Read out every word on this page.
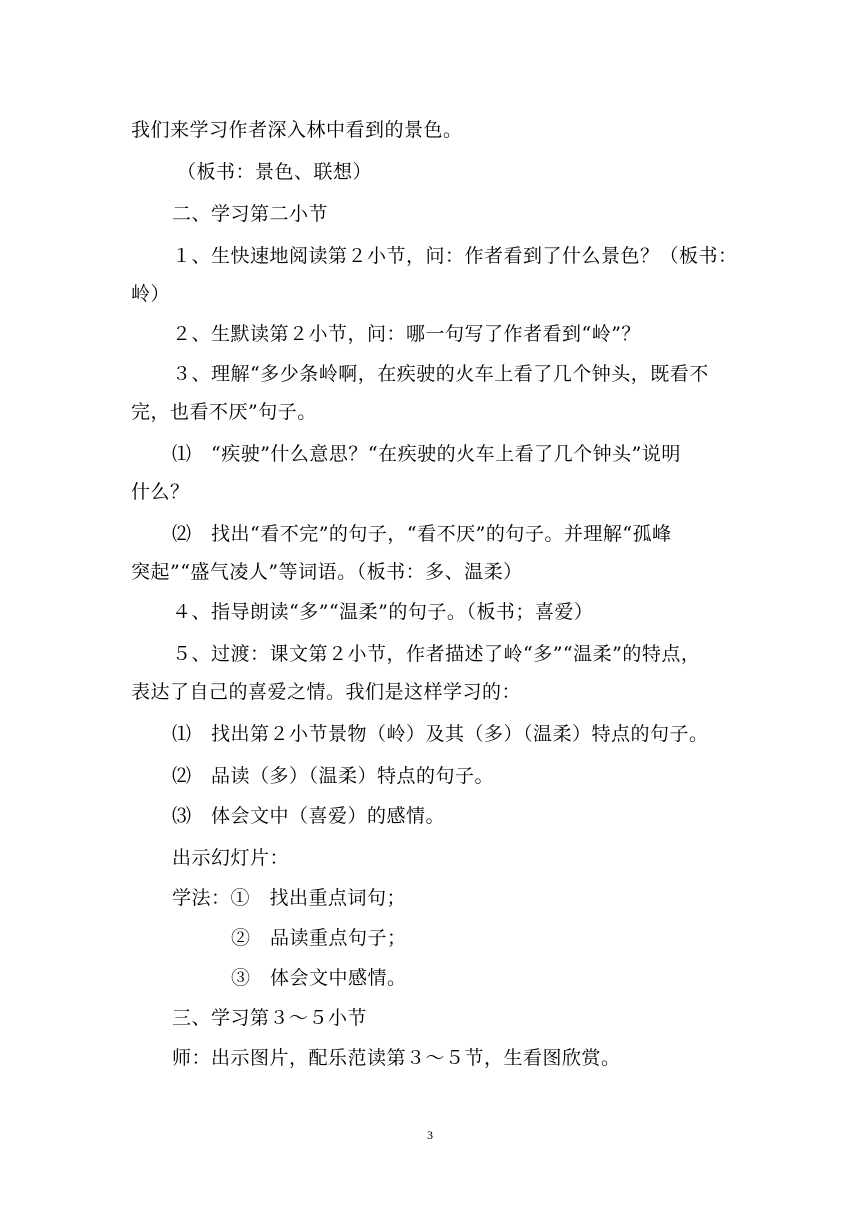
我们来学习作者深入林中看到的景色。
（板书：景色、联想）
二、学习第二小节
１、生快速地阅读第２小节，问：作者看到了什么景色？（板书：
岭）
２、生默读第２小节，问：哪一句写了作者看到“岭”？
３、理解“多少条岭啊，在疾驶的火车上看了几个钟头，既看不
完，也看不厌”句子。
⑴　“疾驶”什么意思？“在疾驶的火车上看了几个钟头”说明
什么？
⑵　找出“看不完”的句子，“看不厌”的句子。并理解“孤峰
突起”“盛气凌人”等词语。（板书：多、温柔）
４、指导朗读“多”“温柔”的句子。（板书；喜爱）
５、过渡：课文第２小节，作者描述了岭“多”“温柔”的特点，
表达了自己的喜爱之情。我们是这样学习的：
⑴　找出第２小节景物（岭）及其（多）（温柔）特点的句子。
⑵　品读（多）（温柔）特点的句子。
⑶　体会文中（喜爱）的感情。
出示幻灯片：
学法：①　找出重点词句；
②　品读重点句子；
③　体会文中感情。
三、学习第３～５小节
师：出示图片，配乐范读第３～５节，生看图欣赏。
3
